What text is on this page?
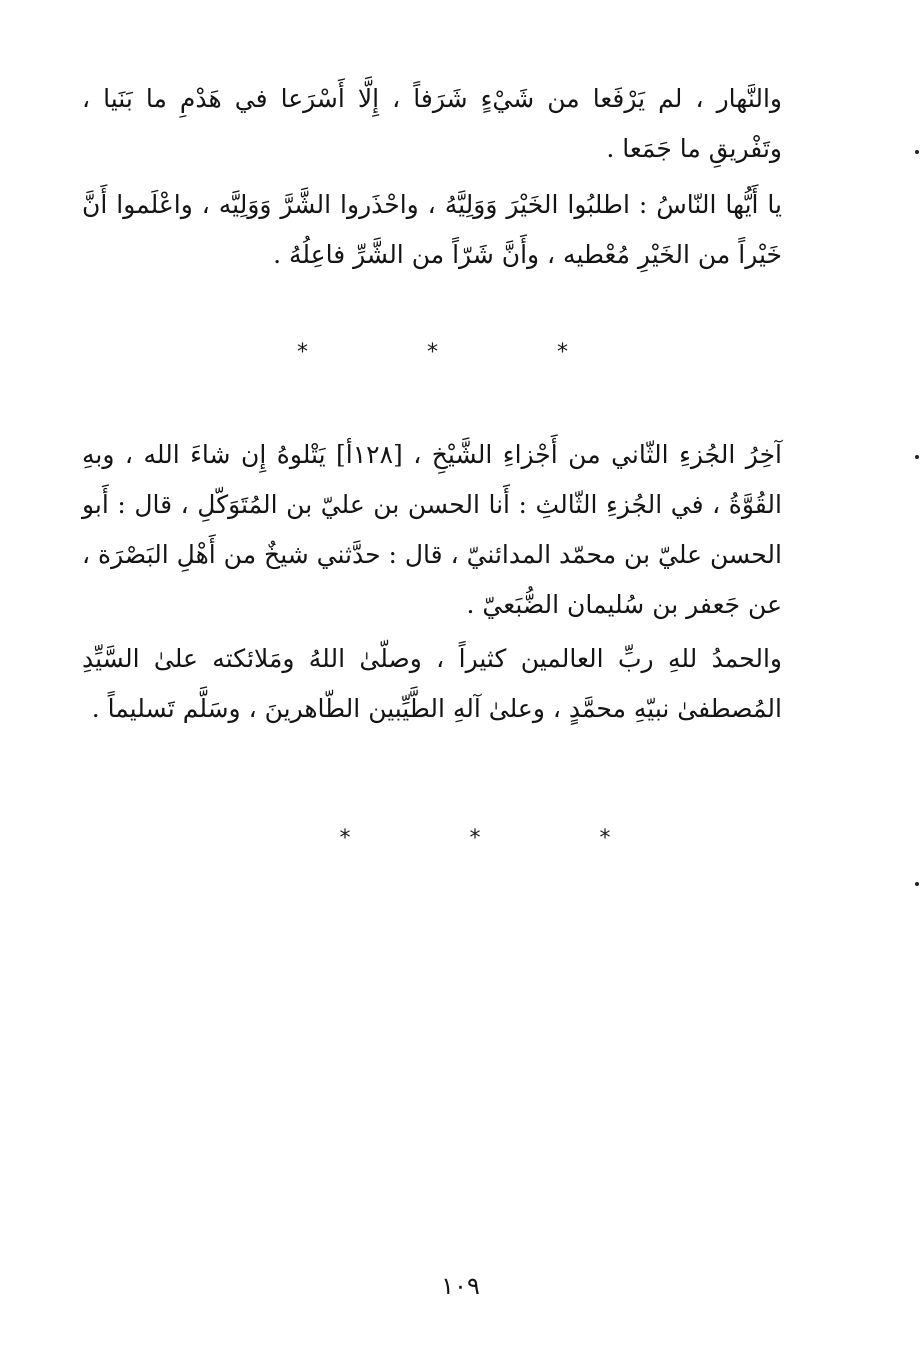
والنَّهار ، لم يَرْفَعا من شَيْءٍ شَرَفاً ، إِلَّا أَسْرَعا في هَدْمِ ما بَنَيا ، وتَفْريقِ ما جَمَعا .

يا أَيُّها النّاسُ : اطلبُوا الخَيْرَ وَوَلِيَّهُ ، واحْذَروا الشَّرَّ وَوَلِيَّه ، واعْلَموا أَنَّ خَيْراً من الخَيْرِ مُعْطيه ، وأَنَّ شَرّاً من الشَّرِّ فاعِلُهُ .

* * *

آخِرُ الجُزءِ الثّاني من أَجْزاءِ الشَّيْخِ ، [١٢٨أ] يَتْلوهُ إِن شاءَ الله ، وبهِ القُوَّةُ ، في الجُزءِ الثّالثِ : أَنا الحسن بن عليّ بن المُتَوَكّلِ ، قال : أَبو الحسن عليّ بن محمّد المدائنيّ ، قال : حدَّثني شيخٌ من أَهْلِ البَصْرَة ، عن جَعفر بن سُليمان الضُّبَعيّ .

والحمدُ للهِ ربِّ العالمين كثيراً ، وصلّىٰ اللهُ ومَلائكته علىٰ السَّيِّدِ المُصطفىٰ نبيّهِ محمَّدٍ ، وعلىٰ آلهِ الطَّيِّبين الطّاهرينَ ، وسَلَّم تَسليماً .

* * *
١٠٩
